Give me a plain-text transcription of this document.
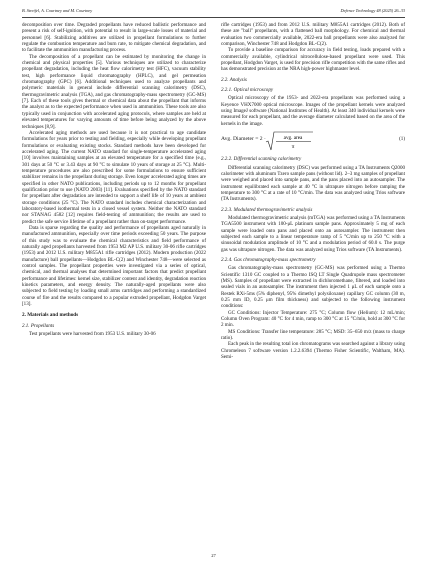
B. Streifel, A. Courtney and M. Courtney	Defence Technology 48 (2025) 26–33

decomposition over time. Degraded propellants have reduced ballistic performance and present a risk of self-ignition, with potential to result in large-scale losses of material and personnel [6]. Stabilizing additives are utilized in propellant formulations to further regulate the combustion temperature and burn rate, to mitigate chemical degradation, and to facilitate the ammunition manufacturing process.

The decomposition of a propellant can be estimated by monitoring the change in chemical and physical properties [5]. Various techniques are utilized to characterize propellant degradation, including the heat flow calorimetry test (HFC), vacuum stability test, high performance liquid chromatography (HPLC), and gel permeation chromatography (GPC) [6]. Additional techniques used to analyze propellants and polymeric materials in general include differential scanning calorimetry (DSC), thermogravimetric analysis (TGA), and gas chromatography-mass spectrometry (GC-MS) [7]. Each of these tools gives thermal or chemical data about the propellant that informs the analyst as to the expected performance when used in ammunition. These tools are also typically used in conjunction with accelerated aging protocols, where samples are held at elevated temperatures for varying amounts of time before being analyzed by the above techniques [8,9].

Accelerated aging methods are used because it is not practical to age candidate formulations for years prior to testing and fielding, especially while developing propellant formulations or evaluating existing stocks. Standard methods have been developed for accelerated aging. The current NATO standard for single-temperature accelerated aging [10] involves maintaining samples at an elevated temperature for a specified time (e.g., 301 days at 50 °C or 3.43 days at 90 °C to simulate 10 years of storage at 25 °C). Multi-temperature procedures are also prescribed for some formulations to ensure sufficient stabilizer remains in the propellant during storage. Even longer accelerated aging times are specified in other NATO publications, including periods up to 12 months for propellant qualification prior to use (NATO 2003) [11]. Evaluations specified by the NATO standard for propellant after degradation are intended to support a shelf life of 10 years at ambient storage conditions (25 °C). The NATO standard includes chemical characterization and laboratory-based isothermal tests in a closed vessel system. Neither the NATO standard nor STANAG 4582 [12] requires field-testing of ammunition; the results are used to predict the safe service lifetime of a propellant rather than on-target performance.

Data is sparse regarding the quality and performance of propellants aged naturally in manufactured ammunition, especially over time periods exceeding 50 years. The purpose of this study was to evaluate the chemical characteristics and field performance of naturally aged propellants harvested from 1953 M2 AP U.S. military 30-06 rifle cartridges (1953) and 2012 U.S. military M855A1 rifle cartridges (2012). Modern production (2022 manufacture) ball propellants—Hodgdon BL-C(2) and Winchester 748—were selected as control samples. The propellant properties were investigated via a series of optical, chemical, and thermal analyses that determined important factors that predict propellant performance and lifetimes: kernel size, stabilizer content and identity, degradation reaction kinetics parameters, and energy density. The naturally-aged propellants were also subjected to field testing by loading small arms cartridges and performing a standardized course of fire and the results compared to a popular extruded propellant, Hodgdon Varget [13].

2. Materials and methods
2.1. Propellants

Test propellants were harvested from 1953 U.S. military 30-06

rifle cartridges (1953) and from 2012 U.S. military M855A1 cartridges (2012). Both of these are "ball" propellants, with a flattened ball morphology. For chemical and thermal evaluation two commercially available, 2022-era ball propellants were also analyzed for comparison, Winchester 748 and Hodgdon BL-C(2).

To provide a baseline comparison for accuracy in field testing, loads prepared with a commercially available, cylindrical nitrocellulose-based propellant were used. This propellant, Hodgdon Varget, is used for precision rifle competition with the same rifles and has demonstrated precision at the NRA high-power highmaster level.

2.2. Analysis
2.2.1. Optical microscopy

Optical microscopy of the 1953- and 2022-era propellants was performed using a Keyence VHX7000 optical microscope. Images of the propellant kernels were analyzed using ImageJ software (National Institutes of Health). At least 340 individual kernels were measured for each propellant, and the average diameter calculated based on the area of the kernels in the image.

Avg. Diameter = 2 ·	avg. area
π
(1)
2.2.2. Differential scanning calorimetry

Differential scanning calorimetry (DSC) was performed using a TA Instruments Q2000 calorimeter with aluminum Tzero sample pans (without lid). 2–3 mg samples of propellant were weighed and placed into sample pans, and the pans placed into an autosampler. The instrument equilibrated each sample at 40 °C in ultrapure nitrogen before ramping the temperature to 300 °C at a rate of 10 °C/min. The data was analyzed using Trios software (TA Instruments).

2.2.3. Modulated thermogravimetric analysis

Modulated thermogravimetric analysis (mTGA) was performed using a TA Instruments TGA5500 instrument with 100-μL platinum sample pans. Approximately 5 mg of each sample were loaded onto pans and placed onto an autosampler. The instrument then subjected each sample to a linear temperature ramp of 5 °C/min up to 250 °C with a sinusoidal modulation amplitude of 10 °C and a modulation period of 60.0 s. The purge gas was ultrapure nitrogen. The data was analyzed using Trios software (TA Instruments).

2.2.4. Gas chromatography-mass spectrometry

Gas chromatography-mass spectrometry (GC-MS) was performed using a Thermo Scientific 1310 GC coupled to a Thermo ISQ LT Single Quadrupole mass spectrometer (MS). Samples of propellant were extracted in dichloromethane, filtered, and loaded into sealed vials in an autosampler. The instrument then injected 1 μL of each sample onto a Restek RXi-5ms (5% diphenyl, 95% dimethyl polysiloxane) capillary GC column (30 m, 0.25 mm ID, 0.25 μm film thickness) and subjected to the following instrument conditions:

GC Conditions: Injector Temperature: 275 °C; Column flow (Helium): 12 mL/min; Column Oven Program: 40 °C for 4 min, ramp to 300 °C at 15 °C/min, hold at 300 °C for 2 min.

MS Conditions: Transfer line temperature: 285 °C; MSD: 35–650 m/z (mass to charge ratio).

Each peak in the resulting total ion chromatograms was searched against a library using Chromeleon 7 software version 1.2.2.6394 (Thermo Fisher Scientific, Waltham, MA). Semi-

27
